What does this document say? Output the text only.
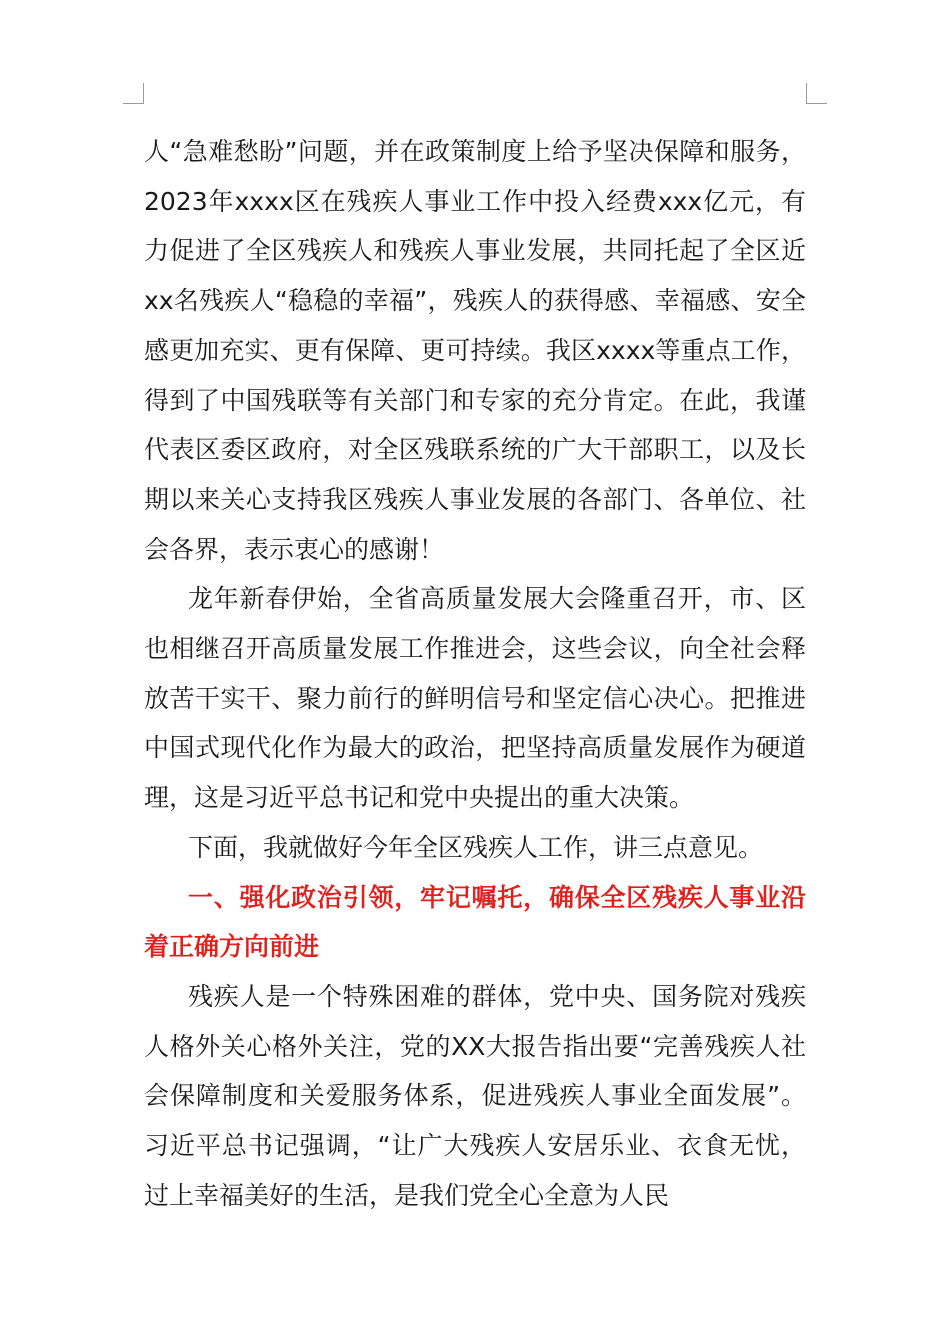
人“急难愁盼”问题，并在政策制度上给予坚决保障和服务，2023年xxxx区在残疾人事业工作中投入经费xxx亿元，有力促进了全区残疾人和残疾人事业发展，共同托起了全区近xx名残疾人“稳稳的幸福”，残疾人的获得感、幸福感、安全感更加充实、更有保障、更可持续。我区xxxx等重点工作，得到了中国残联等有关部门和专家的充分肯定。在此，我谨代表区委区政府，对全区残联系统的广大干部职工，以及长期以来关心支持我区残疾人事业发展的各部门、各单位、社会各界，表示衷心的感谢！

龙年新春伊始，全省高质量发展大会隆重召开，市、区也相继召开高质量发展工作推进会，这些会议，向全社会释放苦干实干、聚力前行的鲜明信号和坚定信心决心。把推进中国式现代化作为最大的政治，把坚持高质量发展作为硬道理，这是习近平总书记和党中央提出的重大决策。

下面，我就做好今年全区残疾人工作，讲三点意见。

一、强化政治引领，牢记嘱托，确保全区残疾人事业沿着正确方向前进

残疾人是一个特殊困难的群体，党中央、国务院对残疾人格外关心格外关注，党的XX大报告指出要“完善残疾人社会保障制度和关爱服务体系，促进残疾人事业全面发展”。习近平总书记强调，“让广大残疾人安居乐业、衣食无忧，过上幸福美好的生活，是我们党全心全意为人民
